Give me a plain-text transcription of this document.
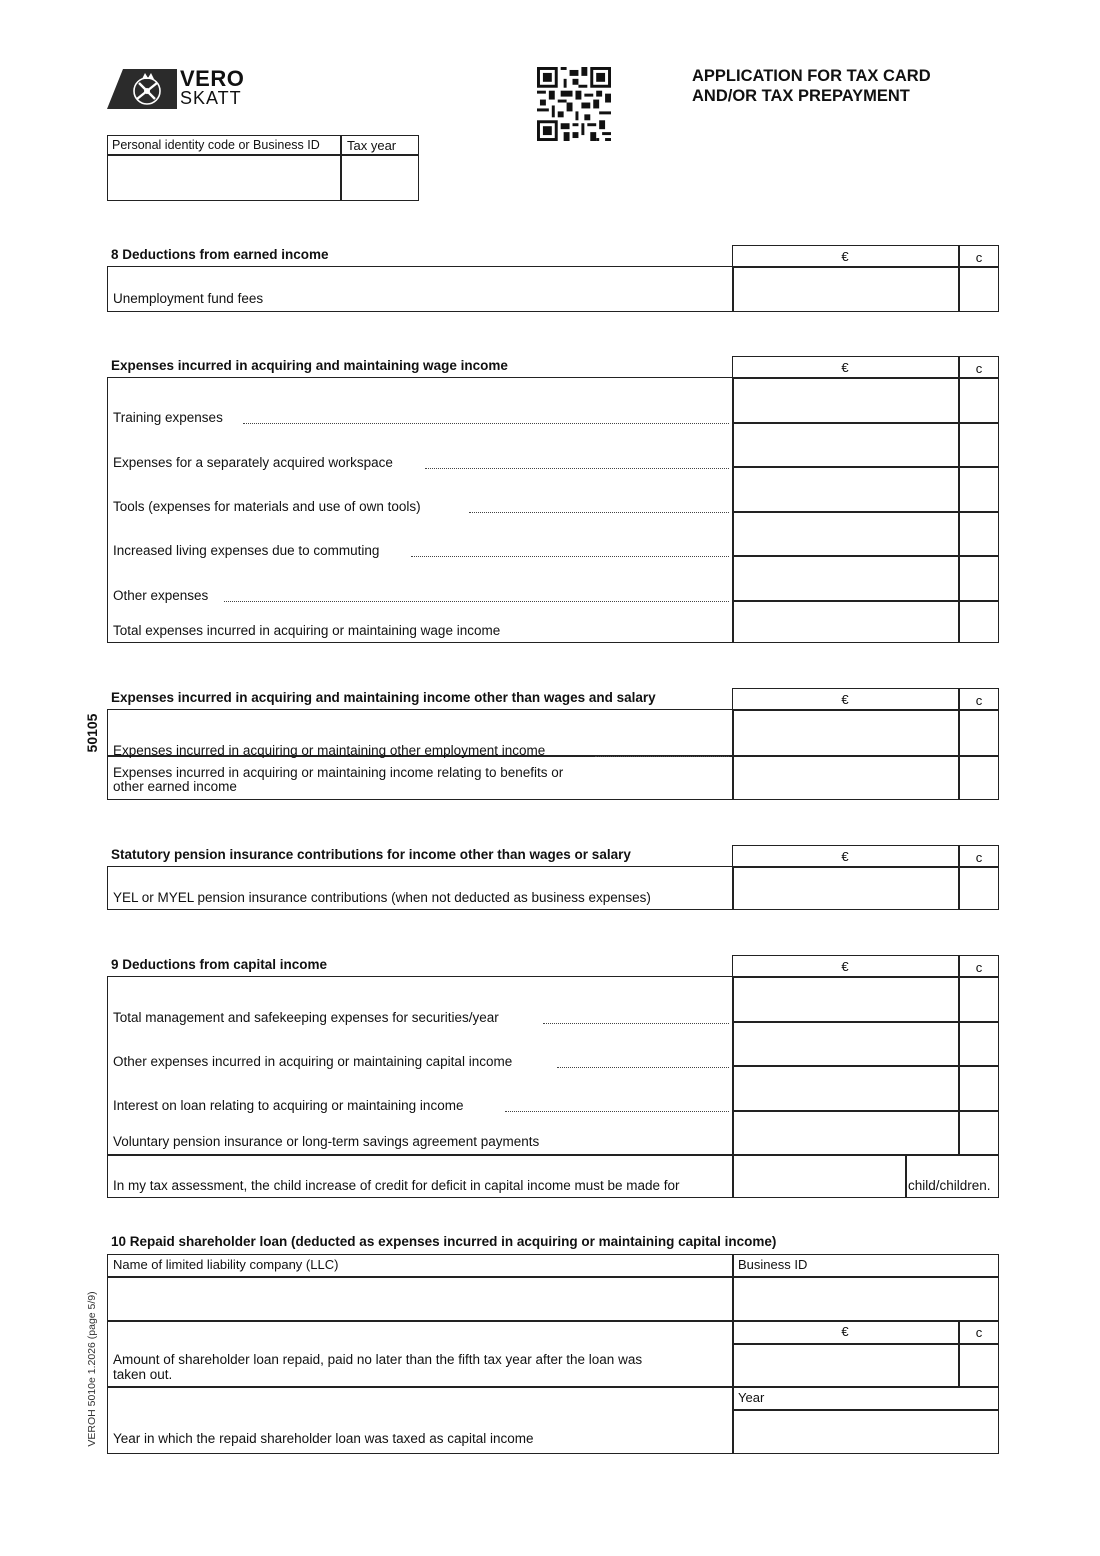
VERO
SKATT
APPLICATION FOR TAX CARD
AND/OR TAX PREPAYMENT
Personal identity code or Business ID Tax year
50105
VEROH 5010e 1.2026 (page 5/9)
8 Deductions from earned income	€	c
Unemployment fund fees
Expenses incurred in acquiring and maintaining wage income	€	c
Training expenses
Expenses for a separately acquired workspace
Tools (expenses for materials and use of own tools)
Increased living expenses due to commuting
Other expenses
Total expenses incurred in acquiring or maintaining wage income
Expenses incurred in acquiring and maintaining income other than wages and salary	€	c
Expenses incurred in acquiring or maintaining other employment income
Expenses incurred in acquiring or maintaining income relating to benefits or
other earned income
Statutory pension insurance contributions for income other than wages or salary	€	c
YEL or MYEL pension insurance contributions (when not deducted as business expenses)
9 Deductions from capital income	€	c
Total management and safekeeping expenses for securities/year
Other expenses incurred in acquiring or maintaining capital income
Interest on loan relating to acquiring or maintaining income
Voluntary pension insurance or long-term savings agreement payments
In my tax assessment, the child increase of credit for deficit in capital income must be made for	child/children.
10 Repaid shareholder loan (deducted as expenses incurred in acquiring or maintaining capital income)
Name of limited liability company (LLC)	Business ID
€	c
Amount of shareholder loan repaid, paid no later than the fifth tax year after the loan was
taken out.
Year
Year in which the repaid shareholder loan was taxed as capital income
